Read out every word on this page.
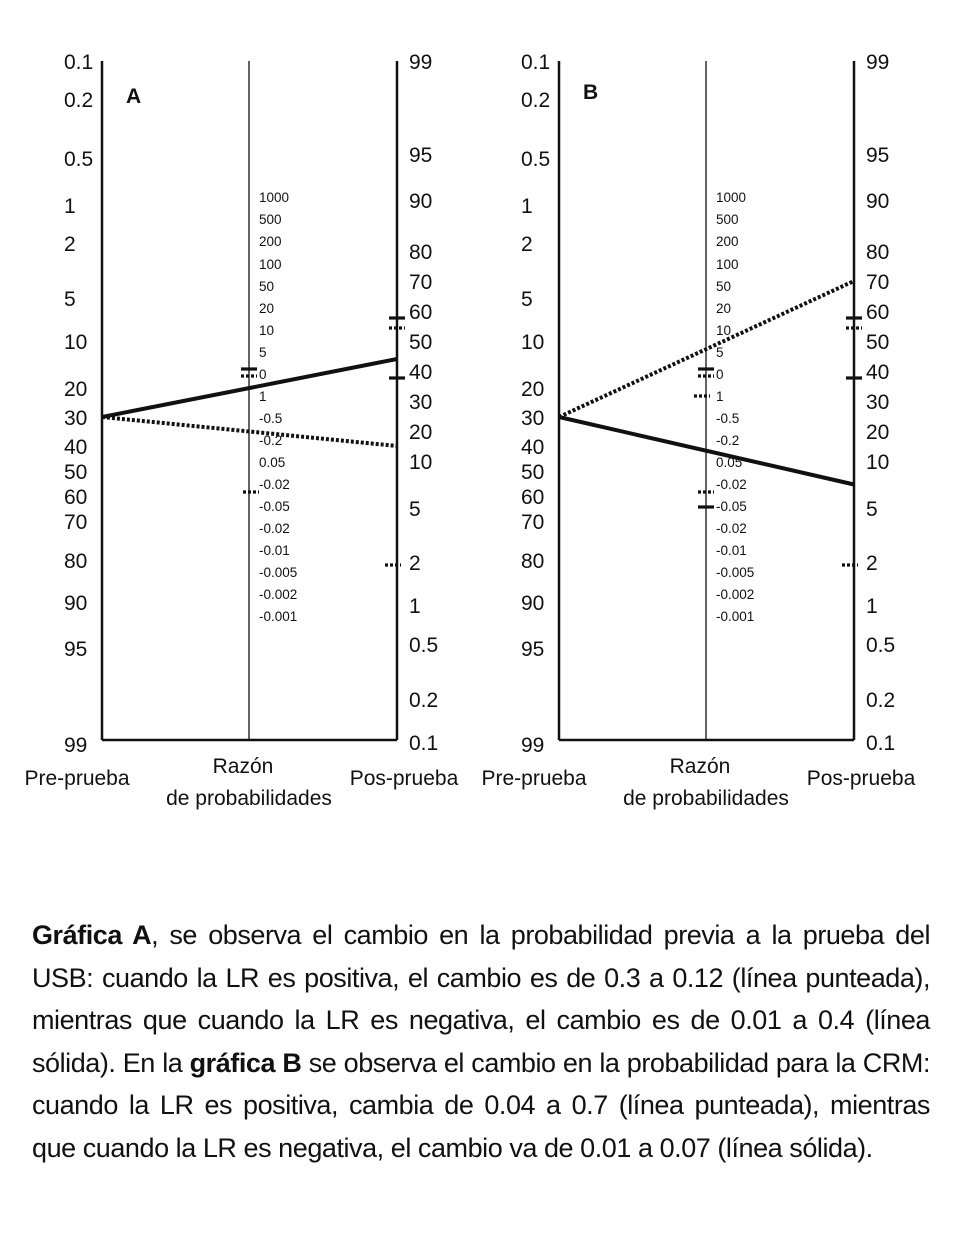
A
0.1
0.2
0.5
1
2
5
10
20
30
40
50
60
70
80
90
95
99
1000
500
200
100
50
20
10
5
0
1
-0.5
-0.2
0.05
-0.02
-0.05
-0.02
-0.01
-0.005
-0.002
-0.001
99
95
90
80
70
60
50
40
30
20
10
5
2
1
0.5
0.2
0.1
Pre-prueba
Razón
de probabilidades
Pos-prueba
B
0.1
0.2
0.5
1
2
5
10
20
30
40
50
60
70
80
90
95
99
1000
500
200
100
50
20
10
5
0
1
-0.5
-0.2
0.05
-0.02
-0.05
-0.02
-0.01
-0.005
-0.002
-0.001
99
95
90
80
70
60
50
40
30
20
10
5
2
1
0.5
0.2
0.1
Pre-prueba
Razón
de probabilidades
Pos-prueba

Gráfica A, se observa el cambio en la probabilidad previa a la prueba del USB: cuando la LR es positiva, el cambio es de 0.3 a 0.12 (línea punteada), mientras que cuando la LR es negativa, el cambio es de 0.01 a 0.4 (línea sólida). En la gráfica B se observa el cambio en la probabilidad para la CRM: cuando la LR es positiva, cambia de 0.04 a 0.7 (línea punteada), mientras que cuando la LR es negativa, el cambio va de 0.01 a 0.07 (línea sólida).
